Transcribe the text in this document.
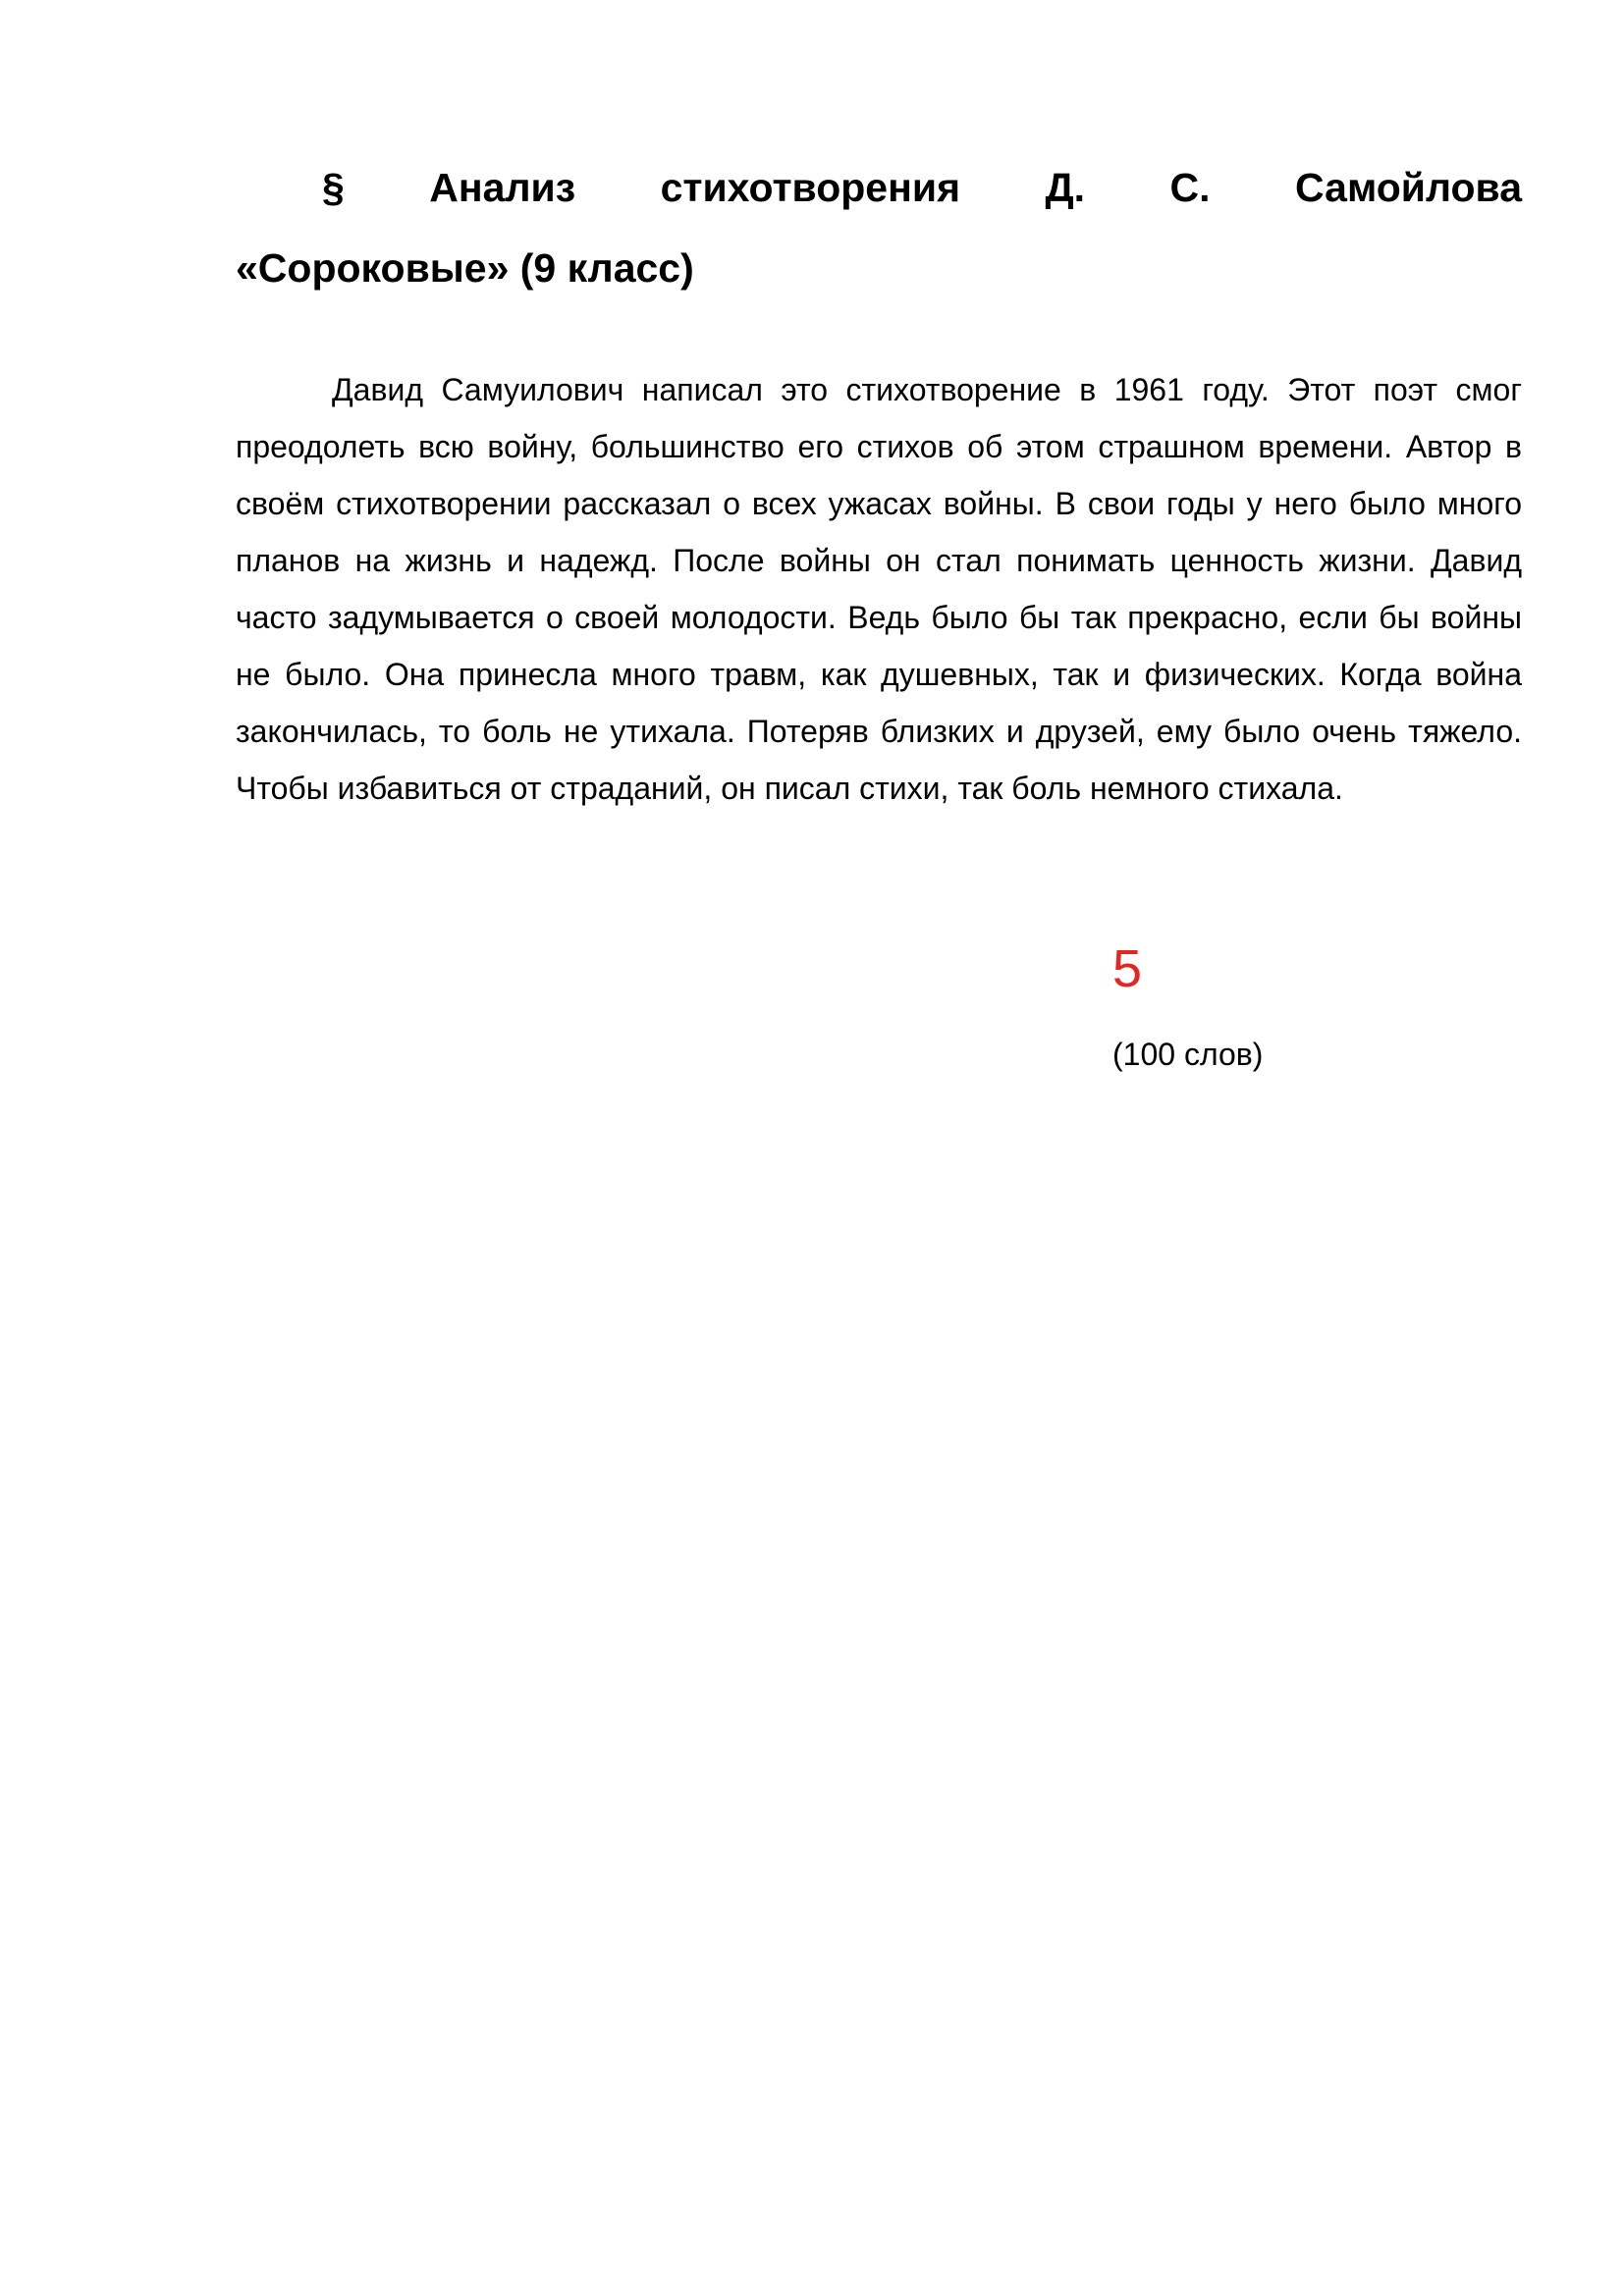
§ Анализ стихотворения Д. С. Самойлова
«Сороковые» (9 класс)

Давид Самуилович написал это стихотворение в 1961 году. Этот поэт смог преодолеть всю войну, большинство его стихов об этом страшном времени. Автор в своём стихотворении рассказал о всех ужасах войны. В свои годы у него было много планов на жизнь и надежд. После войны он стал понимать ценность жизни. Давид часто задумывается о своей молодости. Ведь было бы так прекрасно, если бы войны не было. Она принесла много травм, как душевных, так и физических. Когда война закончилась, то боль не утихала. Потеряв близких и друзей, ему было очень тяжело. Чтобы избавиться от страданий, он писал стихи, так боль немного стихала.

5
(100 слов)
